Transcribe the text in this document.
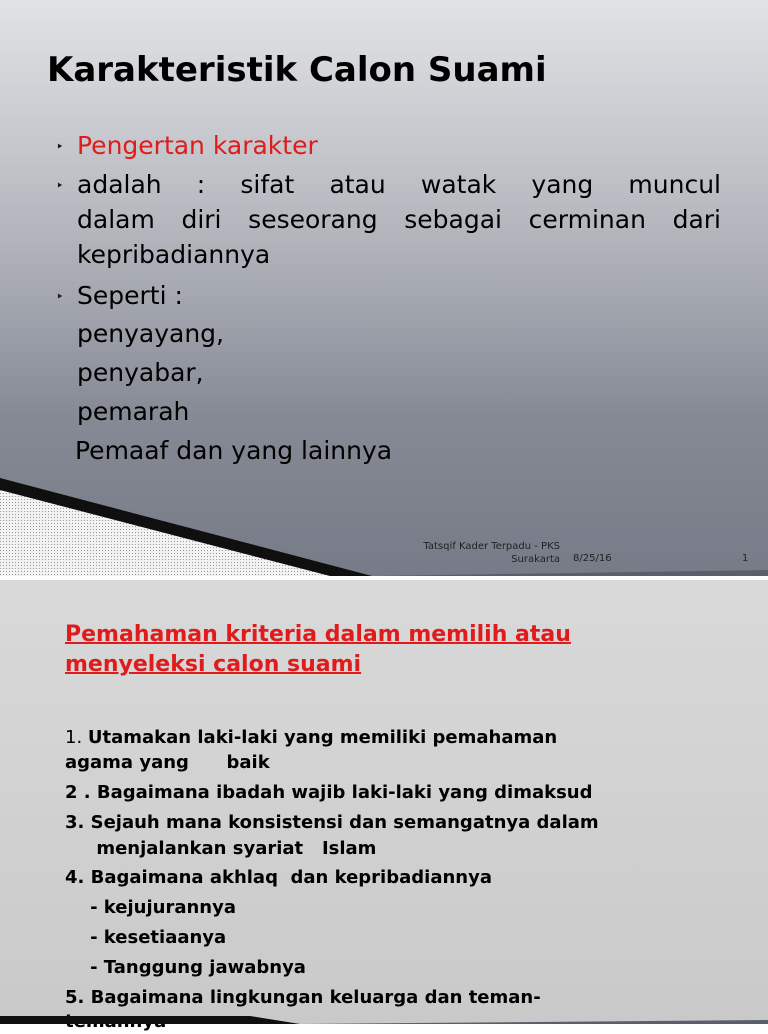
Karakteristik Calon Suami
‣ Pengertan karakter
‣ adalah : sifat atau watak yang muncul
dalam diri seseorang sebagai cerminan dari
kepribadiannya
‣ Seperti :
penyayang,
penyabar,
pemarah
Pemaaf dan yang lainnya
Tatsqif Kader Terpadu - PKS
Surakarta 8/25/16	1
Pemahaman kriteria dalam memilih atau
menyeleksi calon suami
1. Utamakan laki-laki yang memiliki pemahaman
agama yang      baik
2 . Bagaimana ibadah wajib laki-laki yang dimaksud
3. Sejauh mana konsistensi dan semangatnya dalam
menjalankan syariat   Islam
4. Bagaimana akhlaq  dan kepribadiannya
- kejujurannya
- kesetiaanya
- Tanggung jawabnya
5. Bagaimana lingkungan keluarga dan teman-
